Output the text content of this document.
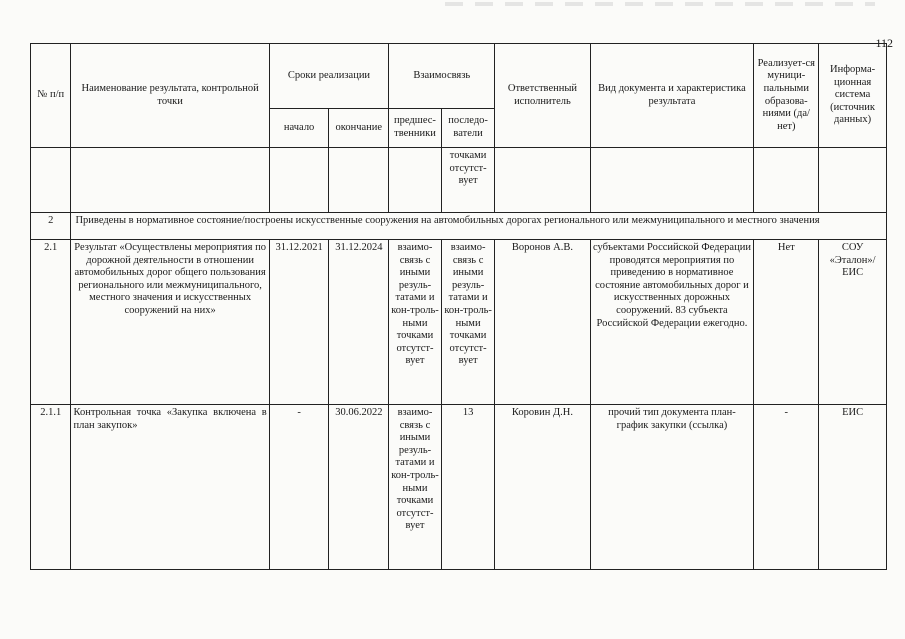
112
№ п/п	Наименование результата, контрольной точки	Сроки реализации		Взаимосвязь		Ответственный исполнитель	Вид документа и характеристика результата	Реализует-ся муници-пальными образова-ниями (да/нет)	Информа-ционная система (источник данных)
		начало	окончание	предшес-твенники	последо-ватели				
					точками отсутст-вует				
2	Приведены в нормативное состояние/построены искусственные сооружения на автомобильных дорогах регионального или межмуниципального и местного значения								
2.1	Результат «Осуществлены мероприятия по дорожной деятельности в отношении автомобильных дорог общего пользования регионального или межмуниципального, местного значения и искусственных сооружений на них»	31.12.2021	31.12.2024	взаимо-связь с иными резуль-татами и кон-троль-ными точками отсутст-вует	взаимо-связь с иными резуль-татами и кон-троль-ными точками отсутст-вует	Воронов А.В.	субъектами Российской Федерации проводятся мероприятия по приведению в нормативное состояние автомобильных дорог и искусственных дорожных сооружений. 83 субъекта Российской Федерации ежегодно.	Нет	СОУ «Эталон»/ ЕИС
2.1.1	Контрольная точка «Закупка включена в план закупок»	-	30.06.2022	взаимо-связь с иными резуль-татами и кон-троль-ными точками отсутст-вует	13	Коровин Д.Н.	прочий тип документа план-график закупки (ссылка)	-	ЕИС
